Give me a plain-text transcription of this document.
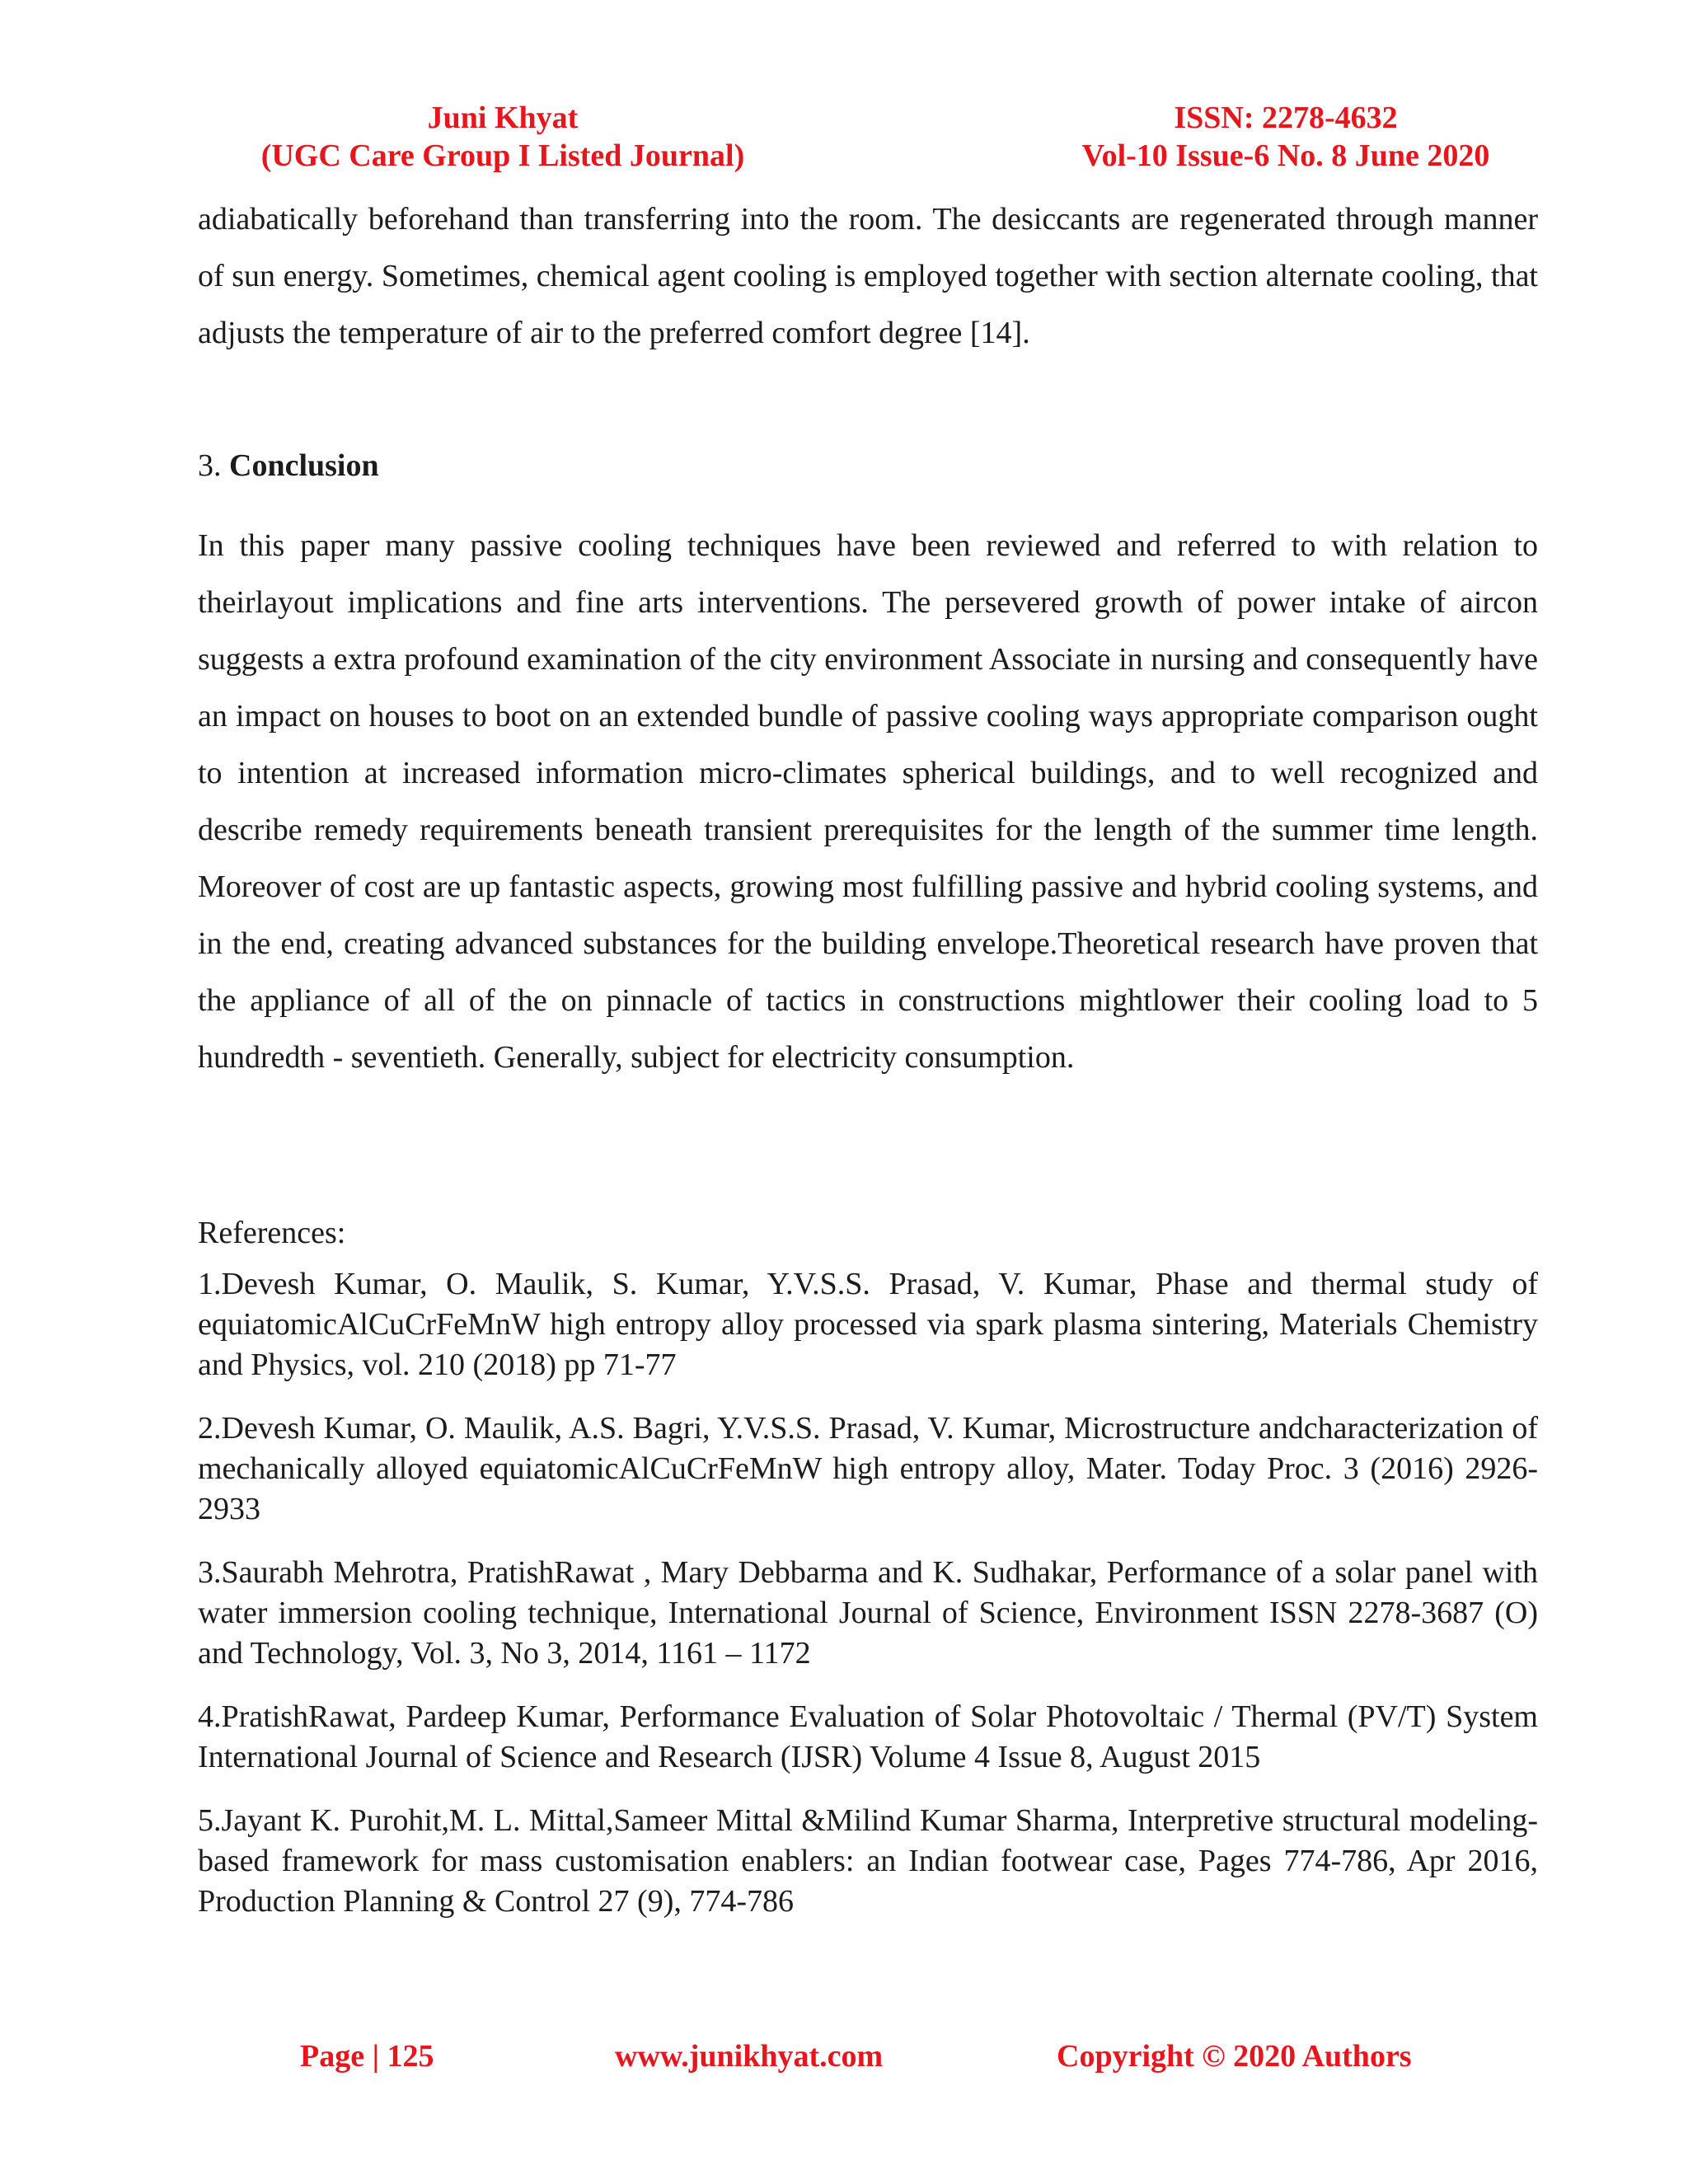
Juni Khyat
(UGC Care Group I Listed Journal)
ISSN: 2278-4632
Vol-10 Issue-6 No. 8 June 2020

adiabatically beforehand than transferring into the room. The desiccants are regenerated through manner of sun energy. Sometimes, chemical agent cooling is employed together with section alternate cooling, that adjusts the temperature of air to the preferred comfort degree [14].

3. Conclusion

In this paper many passive cooling techniques have been reviewed and referred to with relation to theirlayout implications and fine arts interventions. The persevered growth of power intake of aircon suggests a extra profound examination of the city environment Associate in nursing and consequently have an impact on houses to boot on an extended bundle of passive cooling ways appropriate comparison ought to intention at increased information micro-climates spherical buildings, and to well recognized and describe remedy requirements beneath transient prerequisites for the length of the summer time length. Moreover of cost are up fantastic aspects, growing most fulfilling passive and hybrid cooling systems, and in the end, creating advanced substances for the building envelope.Theoretical research have proven that the appliance of all of the on pinnacle of tactics in constructions mightlower their cooling load to 5 hundredth - seventieth. Generally, subject for electricity consumption.

References:

1.Devesh Kumar, O. Maulik, S. Kumar, Y.V.S.S. Prasad, V. Kumar, Phase and thermal study of equiatomicAlCuCrFeMnW high entropy alloy processed via spark plasma sintering, Materials Chemistry and Physics, vol. 210 (2018) pp 71-77

2.Devesh Kumar, O. Maulik, A.S. Bagri, Y.V.S.S. Prasad, V. Kumar, Microstructure andcharacterization of mechanically alloyed equiatomicAlCuCrFeMnW high entropy alloy, Mater. Today Proc. 3 (2016) 2926-2933

3.Saurabh Mehrotra, PratishRawat , Mary Debbarma and K. Sudhakar, Performance of a solar panel with water immersion cooling technique, International Journal of Science, Environment ISSN 2278-3687 (O) and Technology, Vol. 3, No 3, 2014, 1161 – 1172

4.PratishRawat, Pardeep Kumar, Performance Evaluation of Solar Photovoltaic / Thermal (PV/T) System International Journal of Science and Research (IJSR) Volume 4 Issue 8, August 2015

5.Jayant K. Purohit,M. L. Mittal,Sameer Mittal &Milind Kumar Sharma, Interpretive structural modeling-based framework for mass customisation enablers: an Indian footwear case, Pages 774-786, Apr 2016, Production Planning & Control 27 (9), 774-786

Page | 125	www.junikhyat.com	Copyright © 2020 Authors
